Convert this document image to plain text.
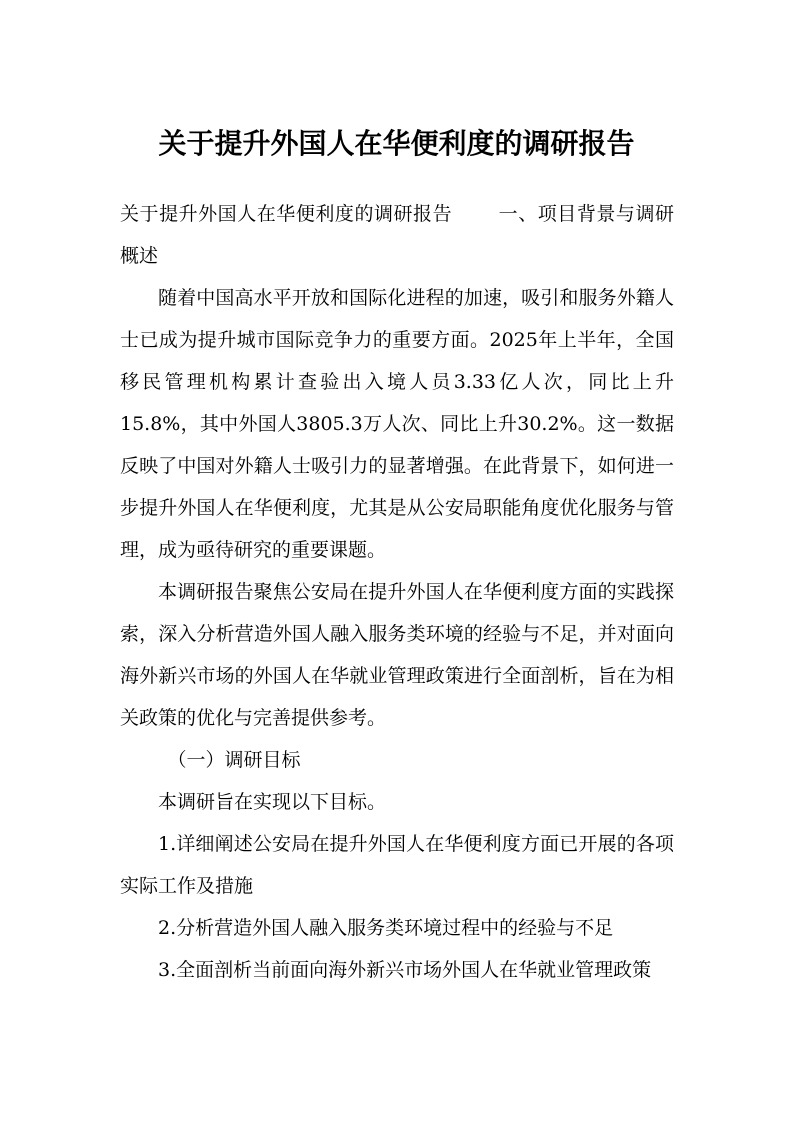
关于提升外国人在华便利度的调研报告

关于提升外国人在华便利度的调研报告 一、项目背景与调研概述

随着中国高水平开放和国际化进程的加速，吸引和服务外籍人士已成为提升城市国际竞争力的重要方面。2025年上半年，全国移民管理机构累计查验出入境人员3.33亿人次，同比上升15.8%，其中外国人3805.3万人次、同比上升30.2%。这一数据反映了中国对外籍人士吸引力的显著增强。在此背景下，如何进一步提升外国人在华便利度，尤其是从公安局职能角度优化服务与管理，成为亟待研究的重要课题。

本调研报告聚焦公安局在提升外国人在华便利度方面的实践探索，深入分析营造外国人融入服务类环境的经验与不足，并对面向海外新兴市场的外国人在华就业管理政策进行全面剖析，旨在为相关政策的优化与完善提供参考。

（一）调研目标

本调研旨在实现以下目标。

1.详细阐述公安局在提升外国人在华便利度方面已开展的各项实际工作及措施

2.分析营造外国人融入服务类环境过程中的经验与不足

3.全面剖析当前面向海外新兴市场外国人在华就业管理政策
